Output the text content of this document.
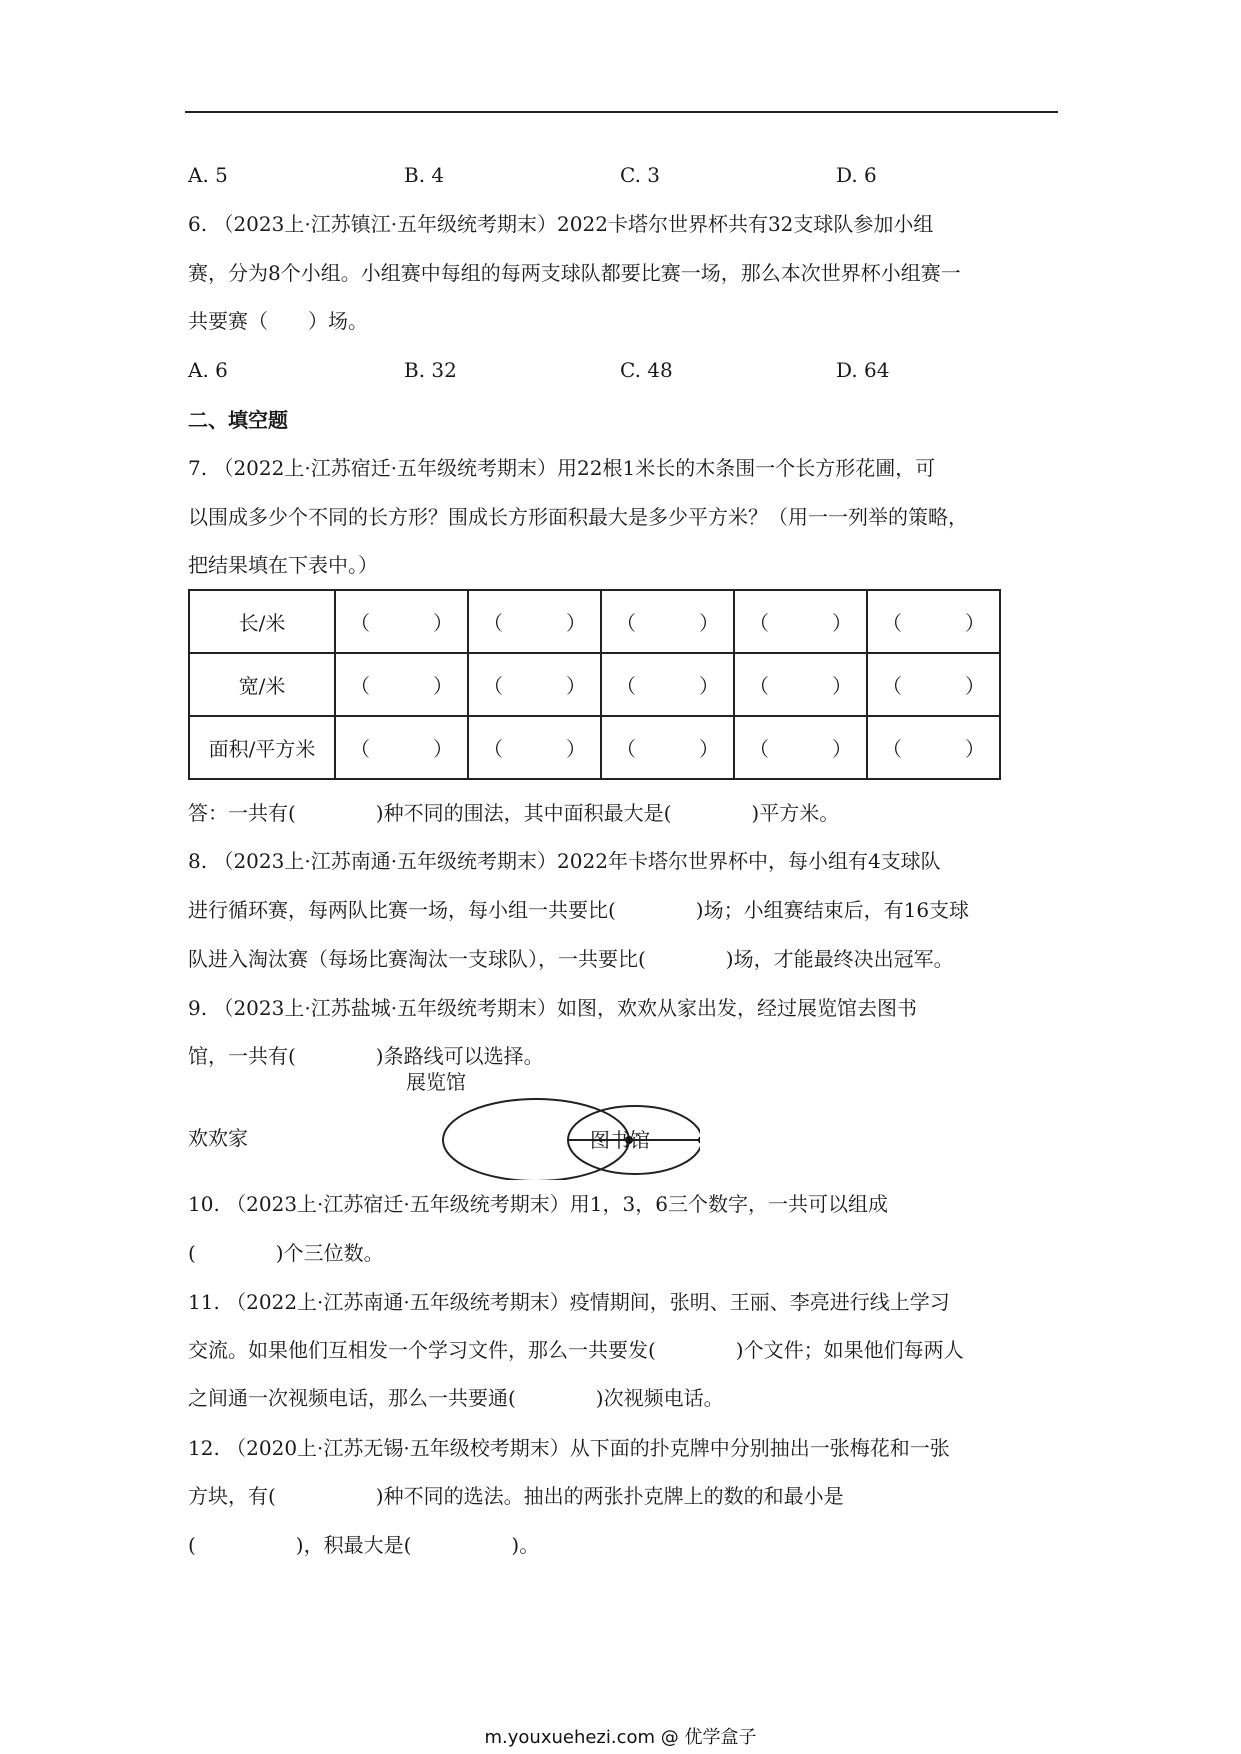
A. 5	B. 4	C. 3	D. 6
6. （2023上·江苏镇江·五年级统考期末）2022卡塔尔世界杯共有32支球队参加小组
赛，分为8个小组。小组赛中每组的每两支球队都要比赛一场，那么本次世界杯小组赛一
共要赛（　　）场。
A. 6	B. 32	C. 48	D. 64
二、填空题
7. （2022上·江苏宿迁·五年级统考期末）用22根1米长的木条围一个长方形花圃，可
以围成多少个不同的长方形？围成长方形面积最大是多少平方米？（用一一列举的策略，
把结果填在下表中。）
长/米	（ ）	（ ）	（ ）	（ ）	（ ）

宽/米	（ ）	（ ）	（ ）	（ ）	（ ）

面积/平方米	（ ）	（ ）	（ ）	（ ）	（ ）
答：一共有(　　　　)种不同的围法，其中面积最大是(　　　　)平方米。
8. （2023上·江苏南通·五年级统考期末）2022年卡塔尔世界杯中，每小组有4支球队
进行循环赛，每两队比赛一场，每小组一共要比(　　　　)场；小组赛结束后，有16支球
队进入淘汰赛（每场比赛淘汰一支球队），一共要比(　　　　)场，才能最终决出冠军。
9. （2023上·江苏盐城·五年级统考期末）如图，欢欢从家出发，经过展览馆去图书
馆，一共有(　　　　)条路线可以选择。
欢欢家
展览馆
图书馆
10. （2023上·江苏宿迁·五年级统考期末）用1，3，6三个数字，一共可以组成
(　　　　)个三位数。
11. （2022上·江苏南通·五年级统考期末）疫情期间，张明、王丽、李亮进行线上学习
交流。如果他们互相发一个学习文件，那么一共要发(　　　　)个文件；如果他们每两人
之间通一次视频电话，那么一共要通(　　　　)次视频电话。
12. （2020上·江苏无锡·五年级校考期末）从下面的扑克牌中分别抽出一张梅花和一张
方块，有(　　　　　)种不同的选法。抽出的两张扑克牌上的数的和最小是
(　　　　　)，积最大是(　　　　　)。
m.youxuehezi.com @ 优学盒子
